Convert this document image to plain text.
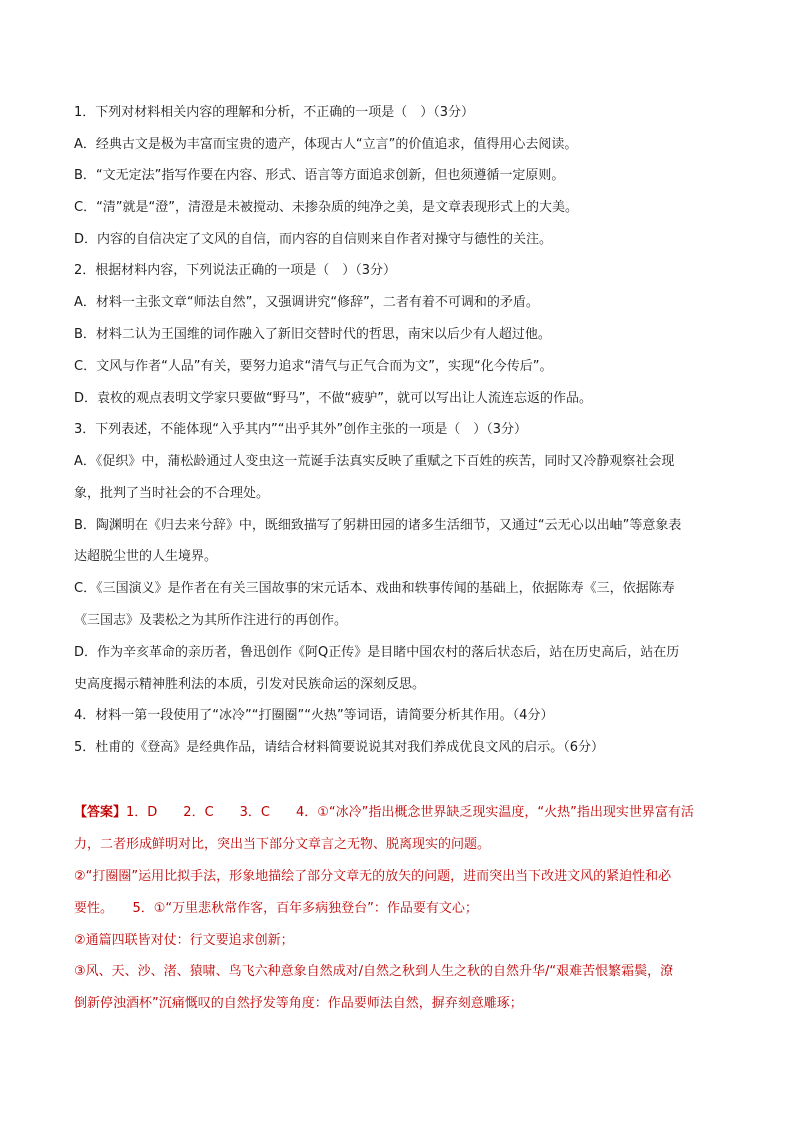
1．下列对材料相关内容的理解和分析，不正确的一项是（　）（3分）
A．经典古文是极为丰富而宝贵的遗产，体现古人“立言”的价值追求，值得用心去阅读。
B．“文无定法”指写作要在内容、形式、语言等方面追求创新，但也须遵循一定原则。
C．“清”就是“澄”，清澄是未被搅动、未掺杂质的纯净之美，是文章表现形式上的大美。
D．内容的自信决定了文风的自信，而内容的自信则来自作者对操守与德性的关注。
2．根据材料内容，下列说法正确的一项是（　）（3分）
A．材料一主张文章“师法自然”，又强调讲究“修辞”，二者有着不可调和的矛盾。
B．材料二认为王国维的词作融入了新旧交替时代的哲思，南宋以后少有人超过他。
C．文风与作者“人品”有关，要努力追求“清气与正气合而为文”，实现“化今传后”。
D．袁枚的观点表明文学家只要做“野马”，不做“疲驴”，就可以写出让人流连忘返的作品。
3．下列表述，不能体现“入乎其内”“出乎其外”创作主张的一项是（　）（3分）
A．《促织》中，蒲松龄通过人变虫这一荒诞手法真实反映了重赋之下百姓的疾苦，同时又冷静观察社会现
象，批判了当时社会的不合理处。
B．陶渊明在《归去来兮辞》中，既细致描写了躬耕田园的诸多生活细节，又通过“云无心以出岫”等意象表
达超脱尘世的人生境界。
C．《三国演义》是作者在有关三国故事的宋元话本、戏曲和轶事传闻的基础上，依据陈寿《三，依据陈寿
《三国志》及裴松之为其所作注进行的再创作。
D．作为辛亥革命的亲历者，鲁迅创作《阿Q正传》是目睹中国农村的落后状态后，站在历史高后，站在历
史高度揭示精神胜利法的本质，引发对民族命运的深刻反思。
4．材料一第一段使用了“冰冷”“打圈圈”“火热”等词语，请简要分析其作用。（4分）
5．杜甫的《登高》是经典作品，请结合材料简要说说其对我们养成优良文风的启示。（6分）
【答案】1．D　　2．C　　3．C　　4．①“冰冷”指出概念世界缺乏现实温度，“火热”指出现实世界富有活
力，二者形成鲜明对比，突出当下部分文章言之无物、脱离现实的问题。
②“打圈圈”运用比拟手法，形象地描绘了部分文章无的放矢的问题，进而突出当下改进文风的紧迫性和必
要性。　　5．①“万里悲秋常作客，百年多病独登台”：作品要有文心；
②通篇四联皆对仗：行文要追求创新；
③风、天、沙、渚、猿啸、鸟飞六种意象自然成对/自然之秋到人生之秋的自然升华/“艰难苦恨繁霜鬓，潦
倒新停浊酒杯”沉痛慨叹的自然抒发等角度：作品要师法自然，摒弃刻意雕琢；
